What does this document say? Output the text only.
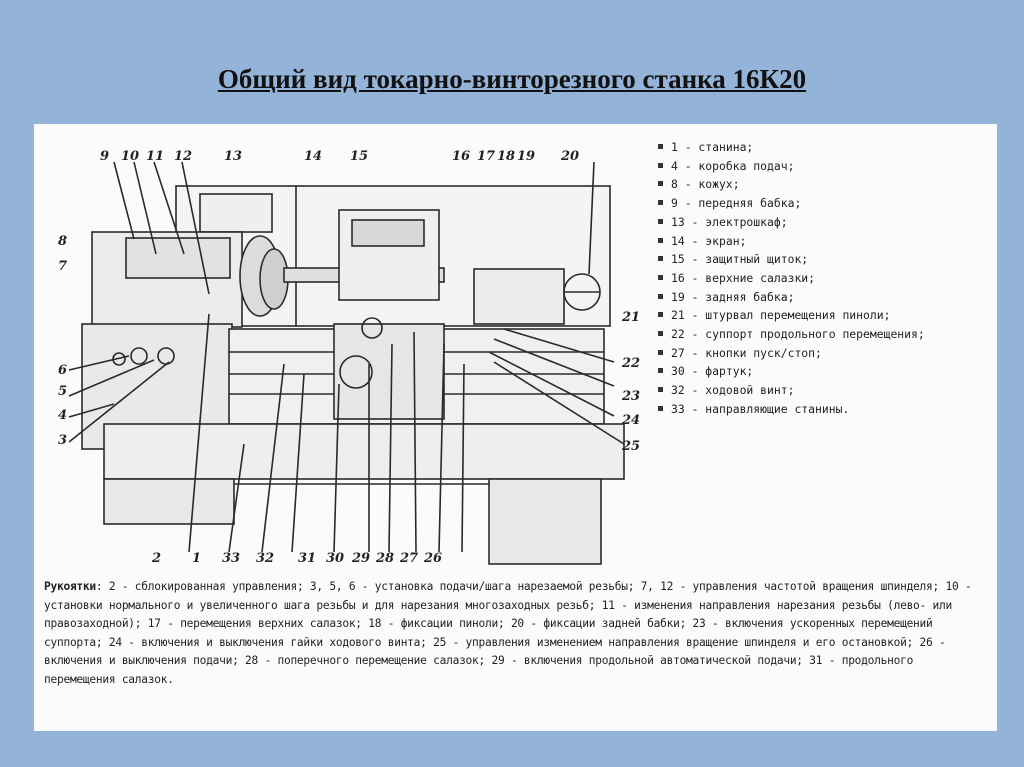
Общий вид токарно-винторезного станка 16К20
9 10 11 12 13	14 15	16 17 18 19 20
8
7
21
6
5
4
3
22
23
24
25
2 1 33 32 31 30 29 28 27 26
1 - станина;
4 - коробка подач;
8 - кожух;
9 - передняя бабка;
13 - электрошкаф;
14 - экран;
15 - защитный щиток;
16 - верхние салазки;
19 - задняя бабка;
21 - штурвал перемещения пиноли;
22 - суппорт продольного перемещения;
27 - кнопки пуск/стоп;
30 - фартук;
32 - ходовой винт;
33 - направляющие станины.

Рукоятки: 2 - сблокированная управления; 3, 5, 6 - установка подачи/шага нарезаемой резьбы; 7, 12 - управления частотой вращения шпинделя; 10 - установки нормального и увеличенного шага резьбы и для нарезания многозаходных резьб; 11 - изменения направления нарезания резьбы (лево- или правозаходной); 17 - перемещения верхних салазок; 18 - фиксации пиноли; 20 - фиксации задней бабки; 23 - включения ускоренных перемещений суппорта; 24 - включения и выключения гайки ходового винта; 25 - управления изменением направления вращение шпинделя и его остановкой; 26 - включения и выключения подачи; 28 - поперечного перемещение салазок; 29 - включения продольной автоматической подачи; 31 - продольного перемещения салазок.
